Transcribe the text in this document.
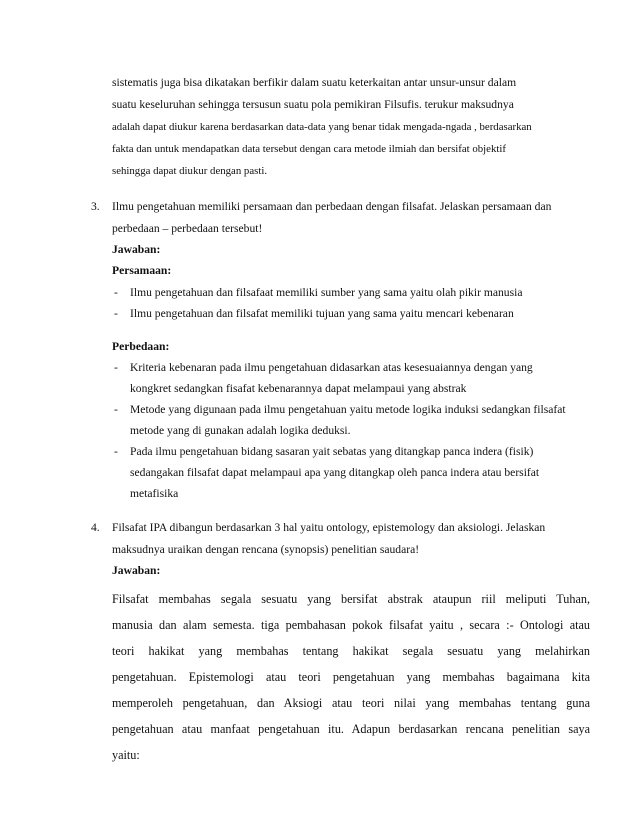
sistematis juga bisa dikatakan berfikir dalam suatu keterkaitan antar unsur-unsur dalam
suatu keseluruhan sehingga tersusun suatu pola pemikiran Filsufis. terukur maksudnya
adalah dapat diukur karena berdasarkan data-data yang benar tidak mengada-ngada , berdasarkan
fakta dan untuk mendapatkan data tersebut dengan cara metode ilmiah dan bersifat objektif
sehingga dapat diukur dengan pasti.
3. Ilmu pengetahuan memiliki persamaan dan perbedaan dengan filsafat. Jelaskan persamaan dan
perbedaan – perbedaan tersebut!
Jawaban:
Persamaan:
- Ilmu pengetahuan dan filsafaat memiliki sumber yang sama yaitu olah pikir manusia
- Ilmu pengetahuan dan filsafat memiliki tujuan yang sama yaitu mencari kebenaran
Perbedaan:
- Kriteria kebenaran pada ilmu pengetahuan didasarkan atas kesesuaiannya dengan yang
kongkret sedangkan fisafat kebenarannya dapat melampaui yang abstrak
- Metode yang digunaan pada ilmu pengetahuan yaitu metode logika induksi sedangkan filsafat
metode yang di gunakan adalah logika deduksi.
- Pada ilmu pengetahuan bidang sasaran yait sebatas yang ditangkap panca indera (fisik)
sedangakan filsafat dapat melampaui apa yang ditangkap oleh panca indera atau bersifat
metafisika
4. Filsafat IPA dibangun berdasarkan 3 hal yaitu ontology, epistemology dan aksiologi. Jelaskan
maksudnya uraikan dengan rencana (synopsis) penelitian saudara!
Jawaban:
Filsafat membahas segala sesuatu yang bersifat abstrak ataupun riil meliputi Tuhan,
manusia dan alam semesta. tiga pembahasan pokok filsafat yaitu , secara :- Ontologi atau
teori hakikat yang membahas tentang hakikat segala sesuatu yang melahirkan
pengetahuan. Epistemologi atau teori pengetahuan yang membahas bagaimana kita
memperoleh pengetahuan, dan Aksiogi atau teori nilai yang membahas tentang guna
pengetahuan atau manfaat pengetahuan itu. Adapun berdasarkan rencana penelitian saya
yaitu:
